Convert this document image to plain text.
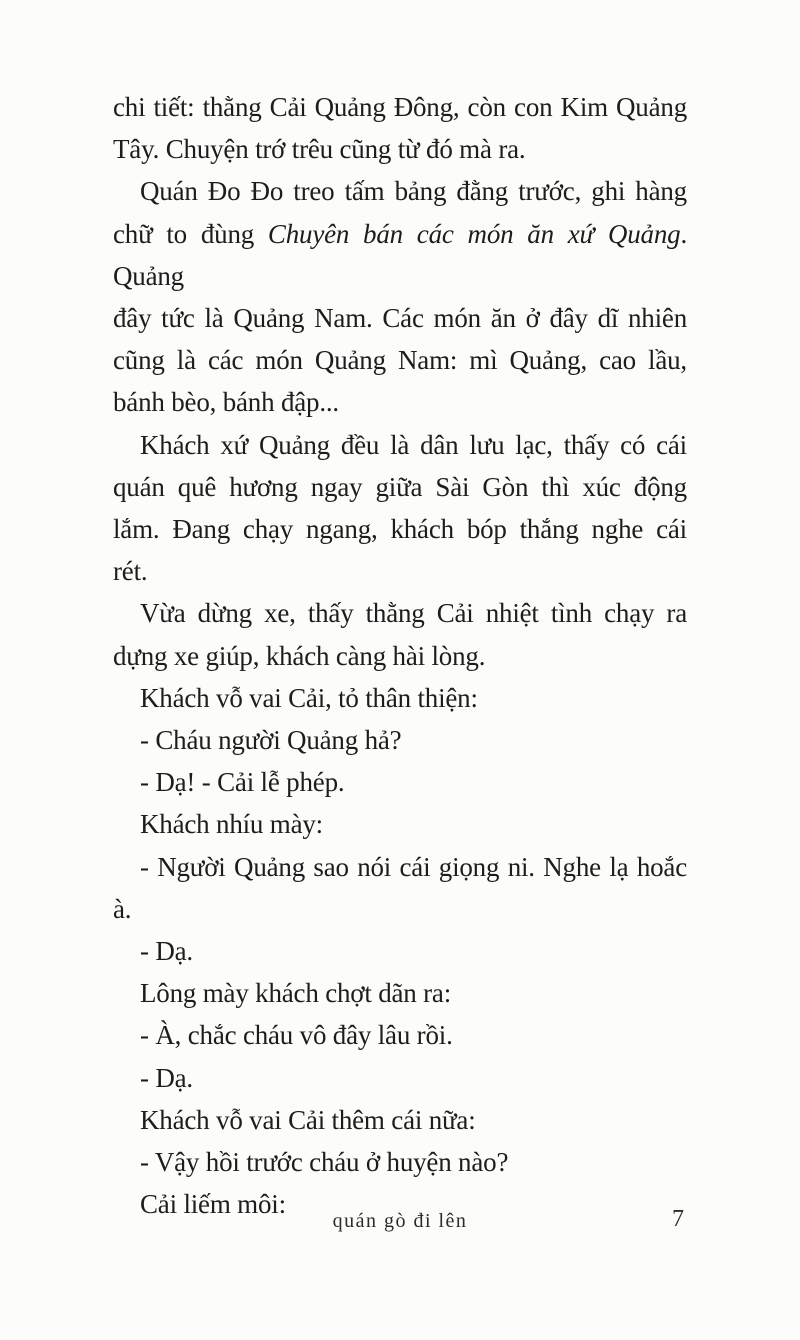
chi tiết: thằng Cải Quảng Đông, còn con Kim Quảng
Tây. Chuyện trớ trêu cũng từ đó mà ra.
Quán Đo Đo treo tấm bảng đằng trước, ghi hàng
chữ to đùng Chuyên bán các món ăn xứ Quảng. Quảng
đây tức là Quảng Nam. Các món ăn ở đây dĩ nhiên
cũng là các món Quảng Nam: mì Quảng, cao lầu,
bánh bèo, bánh đập...
Khách xứ Quảng đều là dân lưu lạc, thấy có cái
quán quê hương ngay giữa Sài Gòn thì xúc động
lắm. Đang chạy ngang, khách bóp thắng nghe cái
rét.
Vừa dừng xe, thấy thằng Cải nhiệt tình chạy ra
dựng xe giúp, khách càng hài lòng.
Khách vỗ vai Cải, tỏ thân thiện:
- Cháu người Quảng hả?
- Dạ! - Cải lễ phép.
Khách nhíu mày:
- Người Quảng sao nói cái giọng ni. Nghe lạ hoắc
à.
- Dạ.
Lông mày khách chợt dãn ra:
- À, chắc cháu vô đây lâu rồi.
- Dạ.
Khách vỗ vai Cải thêm cái nữa:
- Vậy hồi trước cháu ở huyện nào?
Cải liếm môi:
quán gò đi lên	7
